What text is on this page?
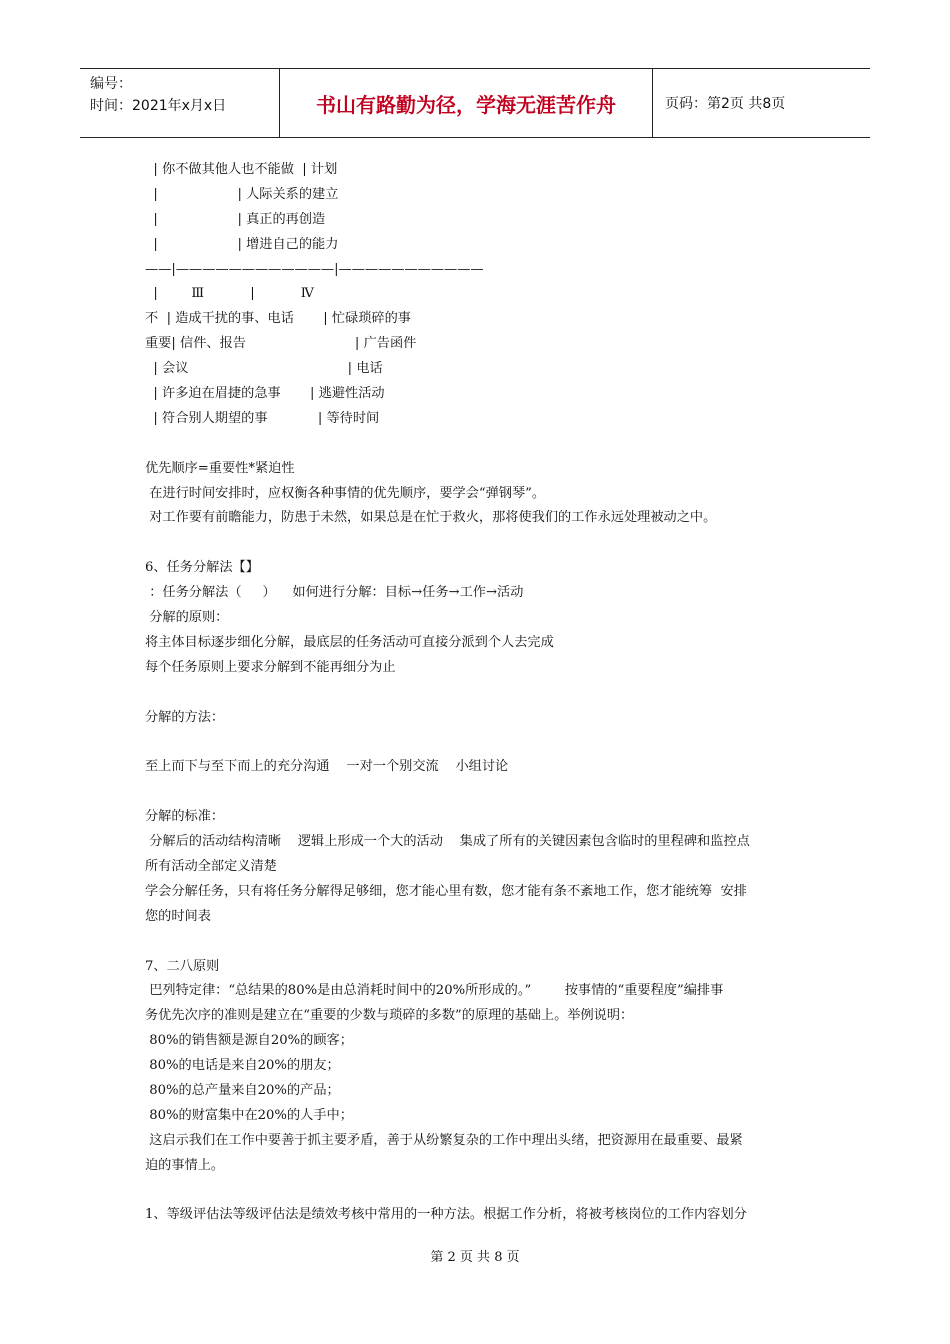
编号：
时间：2021年x月x日	书山有路勤为径，学海无涯苦作舟	页码：第2页 共8页
| 你不做其他人也不能做  | 计划
|                   | 人际关系的建立
|                   | 真正的再创造
|                   | 增进自己的能力
——|————————————|———————————
|        Ⅲ           |           Ⅳ
不  | 造成干扰的事、电话       | 忙碌琐碎的事
重要| 信件、报告                          | 广告函件
| 会议                                      | 电话
| 许多迫在眉捷的急事       | 逃避性活动
| 符合别人期望的事            | 等待时间
优先顺序=重要性*紧迫性
在进行时间安排时，应权衡各种事情的优先顺序，要学会“弹钢琴”。
对工作要有前瞻能力，防患于未然，如果总是在忙于救火，那将使我们的工作永远处理被动之中。
6、任务分解法【】
：任务分解法（     ）    如何进行分解：目标→任务→工作→活动
分解的原则：
将主体目标逐步细化分解，最底层的任务活动可直接分派到个人去完成
每个任务原则上要求分解到不能再细分为止
分解的方法：
至上而下与至下而上的充分沟通    一对一个别交流    小组讨论
分解的标准：
分解后的活动结构清晰    逻辑上形成一个大的活动    集成了所有的关键因素包含临时的里程碑和监控点
所有活动全部定义清楚
学会分解任务，只有将任务分解得足够细，您才能心里有数，您才能有条不紊地工作，您才能统筹  安排
您的时间表
7、二八原则
巴列特定律：“总结果的80%是由总消耗时间中的20%所形成的。”        按事情的“重要程度”编排事
务优先次序的准则是建立在“重要的少数与琐碎的多数”的原理的基础上。举例说明：
80%的销售额是源自20%的顾客；
80%的电话是来自20%的朋友；
80%的总产量来自20%的产品；
80%的财富集中在20%的人手中；
这启示我们在工作中要善于抓主要矛盾，善于从纷繁复杂的工作中理出头绪，把资源用在最重要、最紧
迫的事情上。
1、等级评估法等级评估法是绩效考核中常用的一种方法。根据工作分析，将被考核岗位的工作内容划分
第 2 页 共 8 页
